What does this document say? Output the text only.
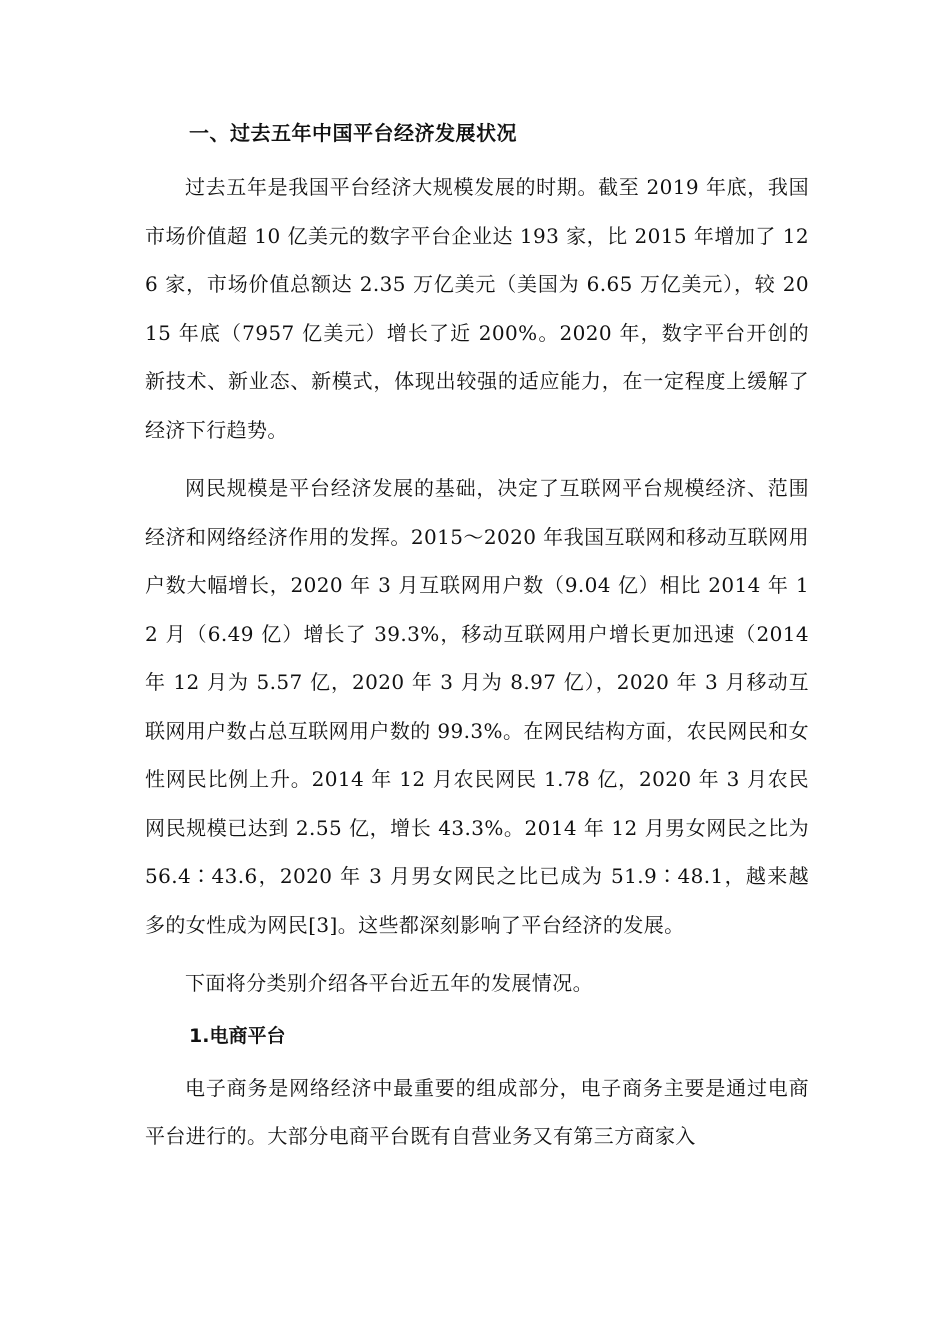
一、过去五年中国平台经济发展状况

过去五年是我国平台经济大规模发展的时期。截至 2019 年底，我国市场价值超 10 亿美元的数字平台企业达 193 家，比 2015 年增加了 126 家，市场价值总额达 2.35 万亿美元（美国为 6.65 万亿美元），较 2015 年底（7957 亿美元）增长了近 200%。2020 年，数字平台开创的新技术、新业态、新模式，体现出较强的适应能力，在一定程度上缓解了经济下行趋势。

网民规模是平台经济发展的基础，决定了互联网平台规模经济、范围经济和网络经济作用的发挥。2015～2020 年我国互联网和移动互联网用户数大幅增长，2020 年 3 月互联网用户数（9.04 亿）相比 2014 年 12 月（6.49 亿）增长了 39.3%，移动互联网用户增长更加迅速（2014 年 12 月为 5.57 亿，2020 年 3 月为 8.97 亿），2020 年 3 月移动互联网用户数占总互联网用户数的 99.3%。在网民结构方面，农民网民和女性网民比例上升。2014 年 12 月农民网民 1.78 亿，2020 年 3 月农民网民规模已达到 2.55 亿，增长 43.3%。2014 年 12 月男女网民之比为 56.4∶43.6，2020 年 3 月男女网民之比已成为 51.9∶48.1，越来越多的女性成为网民[3]。这些都深刻影响了平台经济的发展。

下面将分类别介绍各平台近五年的发展情况。

1.电商平台

电子商务是网络经济中最重要的组成部分，电子商务主要是通过电商平台进行的。大部分电商平台既有自营业务又有第三方商家入
